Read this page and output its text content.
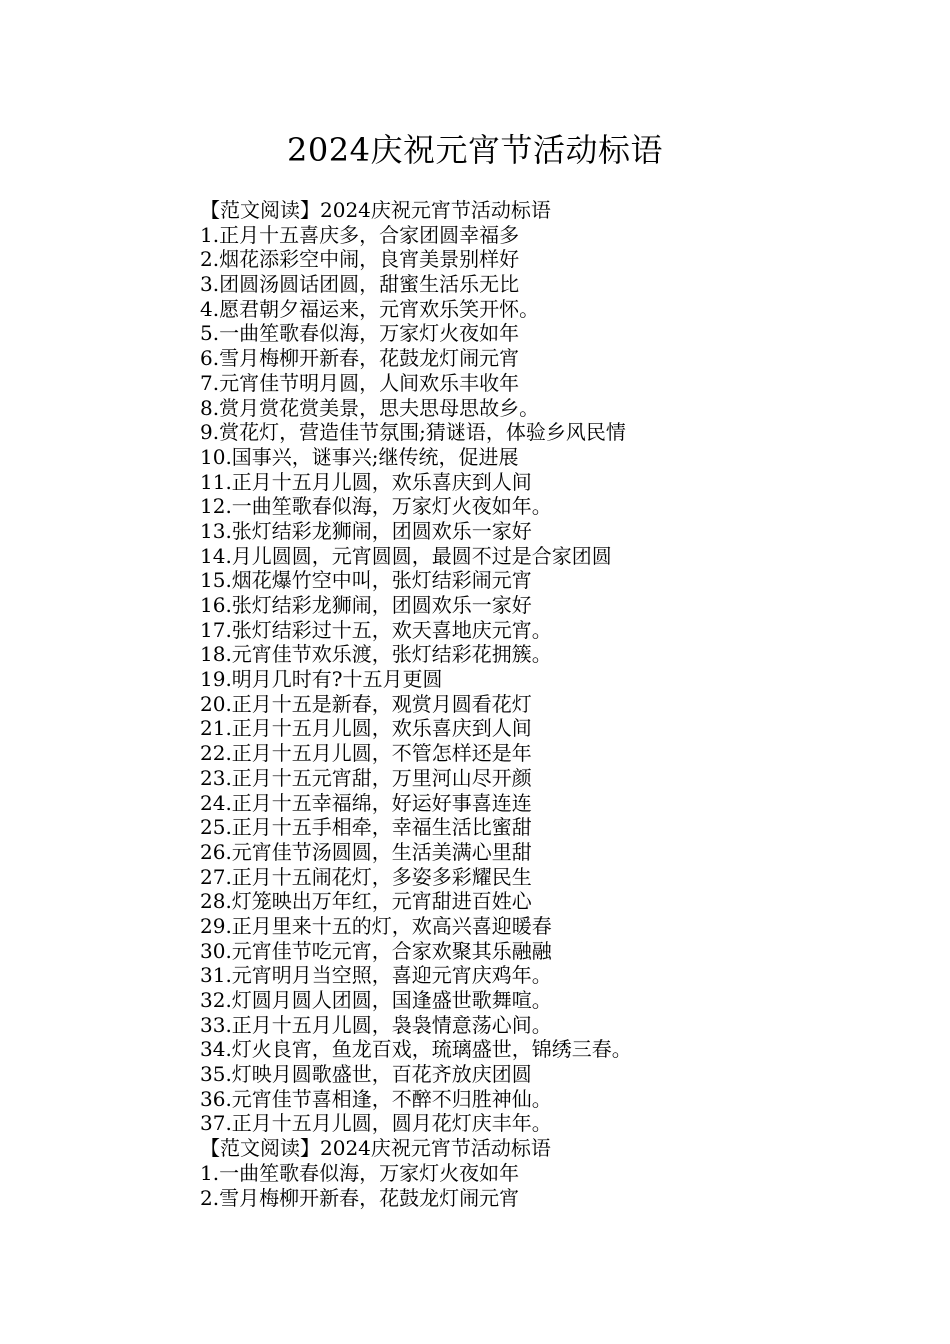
2024庆祝元宵节活动标语
【范文阅读】2024庆祝元宵节活动标语
1.正月十五喜庆多，合家团圆幸福多
2.烟花添彩空中闹，良宵美景别样好
3.团圆汤圆话团圆，甜蜜生活乐无比
4.愿君朝夕福运来，元宵欢乐笑开怀。
5.一曲笙歌春似海，万家灯火夜如年
6.雪月梅柳开新春，花鼓龙灯闹元宵
7.元宵佳节明月圆，人间欢乐丰收年
8.赏月赏花赏美景，思夫思母思故乡。
9.赏花灯，营造佳节氛围;猜谜语，体验乡风民情
10.国事兴，谜事兴;继传统，促进展
11.正月十五月儿圆，欢乐喜庆到人间
12.一曲笙歌春似海，万家灯火夜如年。
13.张灯结彩龙狮闹，团圆欢乐一家好
14.月儿圆圆，元宵圆圆，最圆不过是合家团圆
15.烟花爆竹空中叫，张灯结彩闹元宵
16.张灯结彩龙狮闹，团圆欢乐一家好
17.张灯结彩过十五，欢天喜地庆元宵。
18.元宵佳节欢乐渡，张灯结彩花拥簇。
19.明月几时有?十五月更圆
20.正月十五是新春，观赏月圆看花灯
21.正月十五月儿圆，欢乐喜庆到人间
22.正月十五月儿圆，不管怎样还是年
23.正月十五元宵甜，万里河山尽开颜
24.正月十五幸福绵，好运好事喜连连
25.正月十五手相牵，幸福生活比蜜甜
26.元宵佳节汤圆圆，生活美满心里甜
27.正月十五闹花灯，多姿多彩耀民生
28.灯笼映出万年红，元宵甜进百姓心
29.正月里来十五的灯，欢高兴喜迎暖春
30.元宵佳节吃元宵，合家欢聚其乐融融
31.元宵明月当空照，喜迎元宵庆鸡年。
32.灯圆月圆人团圆，国逢盛世歌舞喧。
33.正月十五月儿圆，袅袅情意荡心间。
34.灯火良宵，鱼龙百戏，琉璃盛世，锦绣三春。
35.灯映月圆歌盛世，百花齐放庆团圆
36.元宵佳节喜相逢，不醉不归胜神仙。
37.正月十五月儿圆，圆月花灯庆丰年。
【范文阅读】2024庆祝元宵节活动标语
1.一曲笙歌春似海，万家灯火夜如年
2.雪月梅柳开新春，花鼓龙灯闹元宵
